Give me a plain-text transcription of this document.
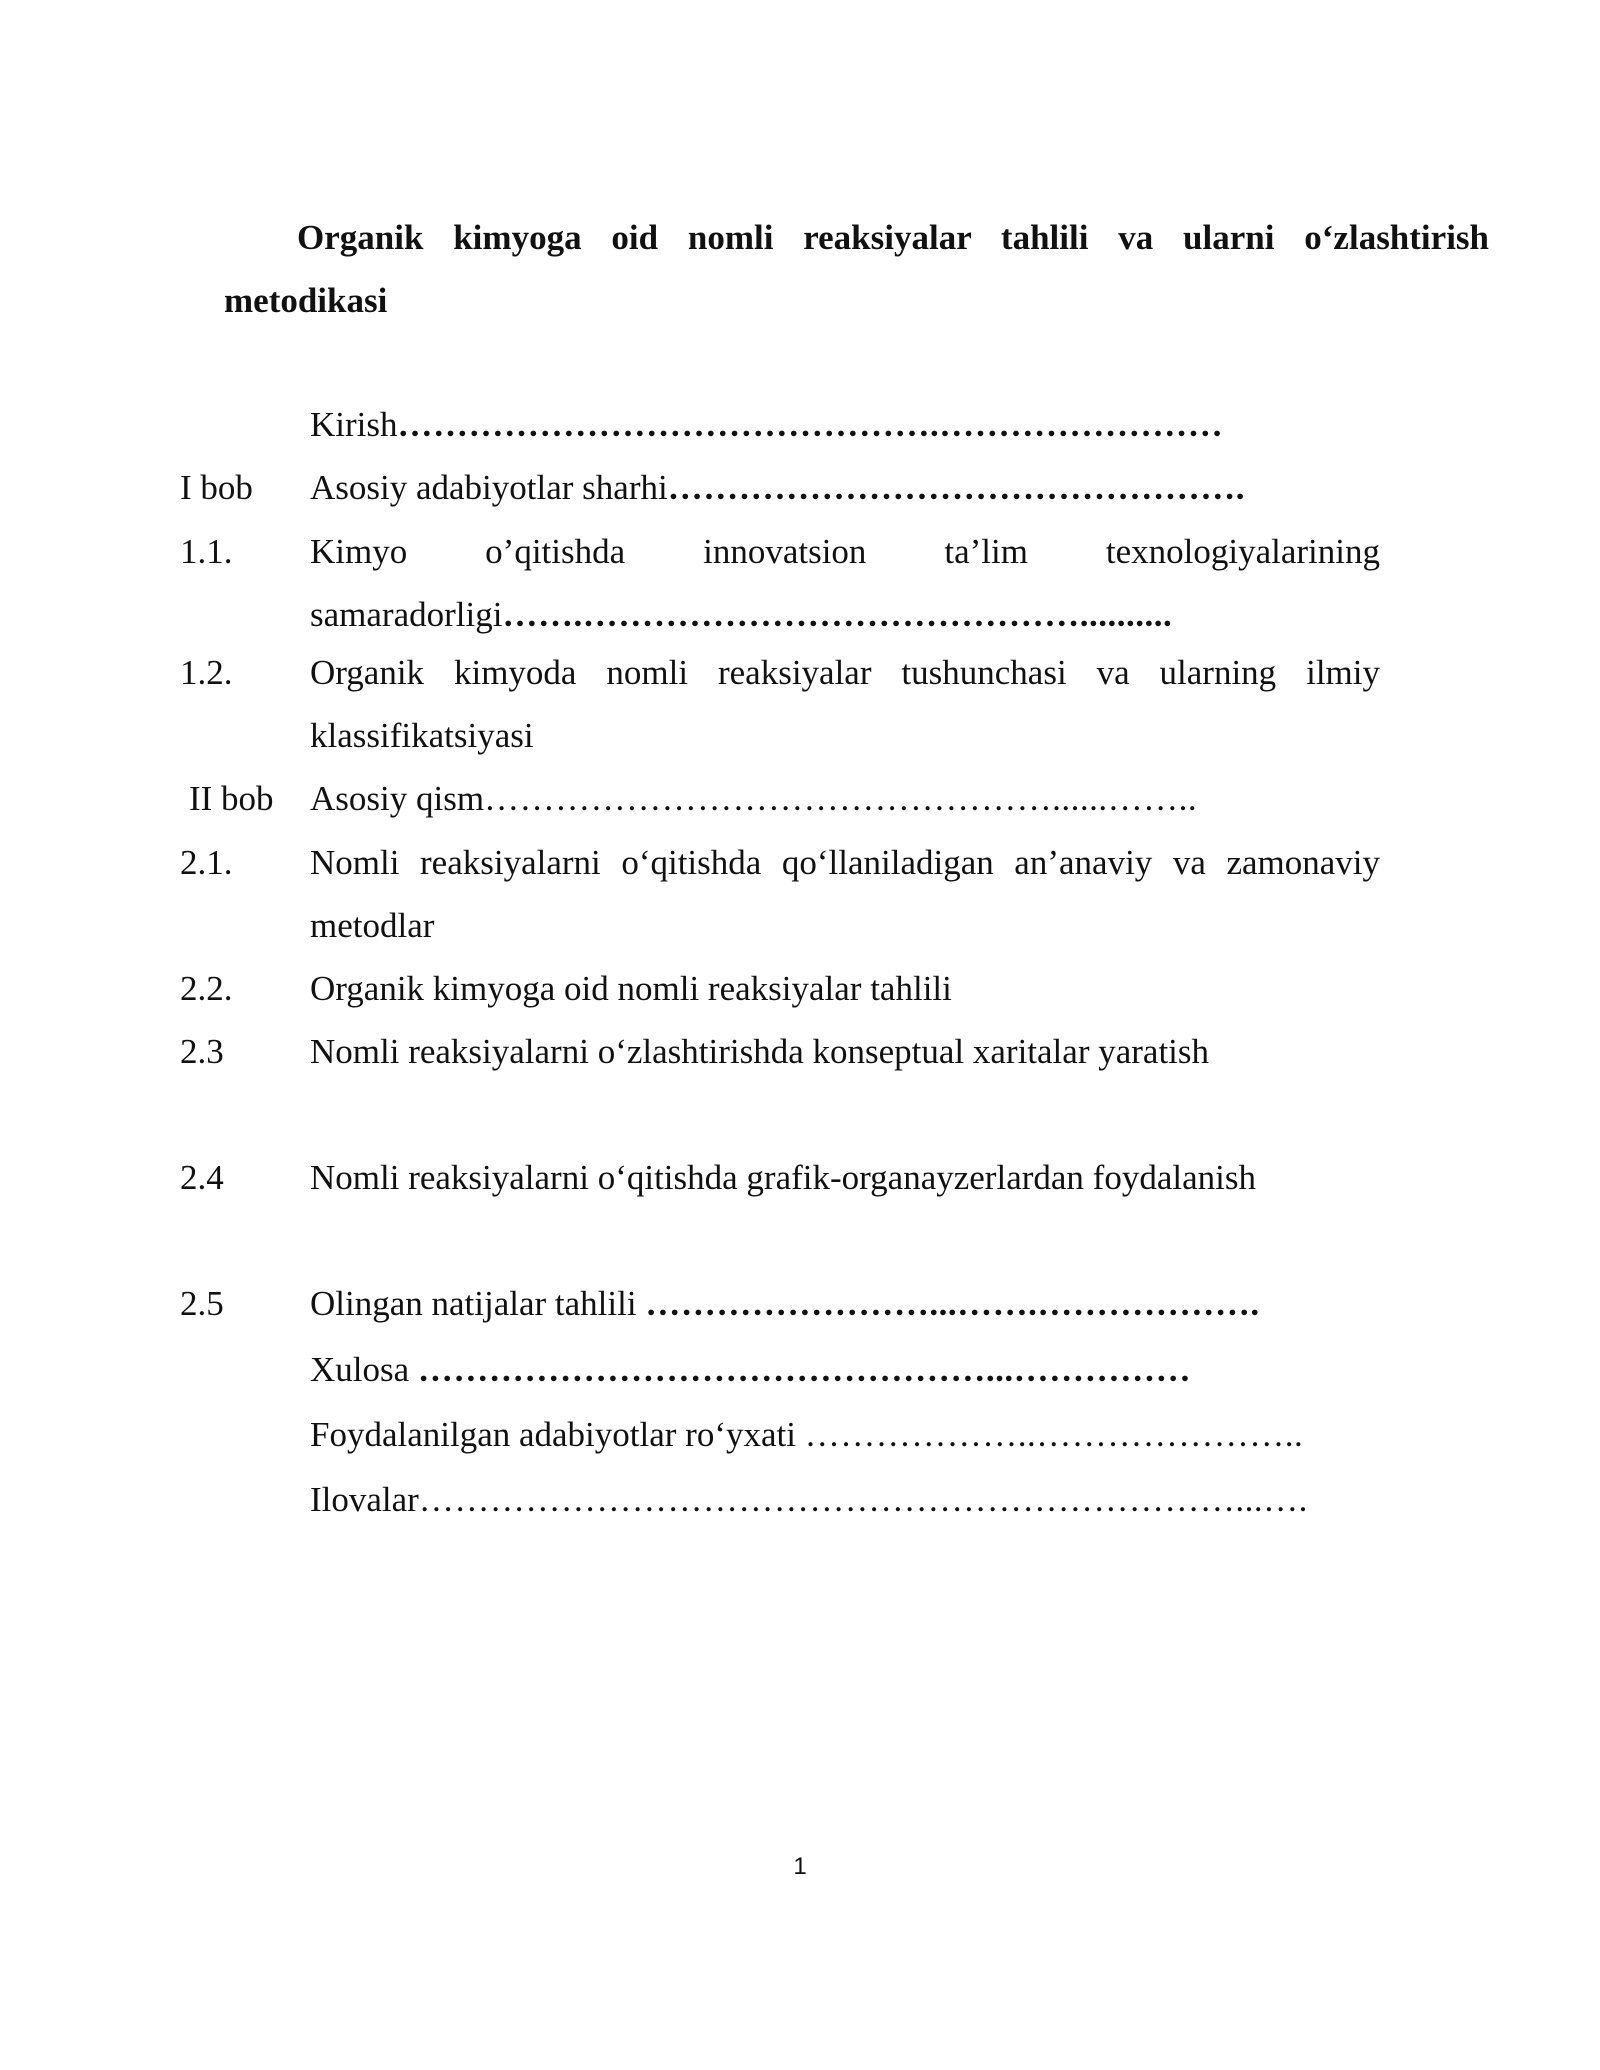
Organik kimyoga oid nomli reaksiyalar tahlili va ularni o‘zlashtirish
metodikasi
Kirish……………………………………….……………………
I bob Asosiy adabiyotlar sharhi………………………………………….
1.1. Kimyo o’qitishda innovatsion ta’lim texnologiyalarining
samaradorligi…….……………………………………..........
1.2. Organik kimyoda nomli reaksiyalar tushunchasi va ularning ilmiy
klassifikatsiyasi
II bob Asosiy qism…………………………………………......……..
2.1. Nomli reaksiyalarni o‘qitishda qo‘llaniladigan an’anaviy va zamonaviy
metodlar
2.2. Organik kimyoga oid nomli reaksiyalar tahlili
2.3 Nomli reaksiyalarni o‘zlashtirishda konseptual xaritalar yaratish
2.4 Nomli reaksiyalarni o‘qitishda grafik-organayzerlardan foydalanish
2.5 Olingan natijalar tahlili ……………………...…….……………….
Xulosa …………………………………………...……………
Foydalanilgan adabiyotlar ro‘yxati ………………..…………………..
Ilovalar……………………………………………………………...….
1
